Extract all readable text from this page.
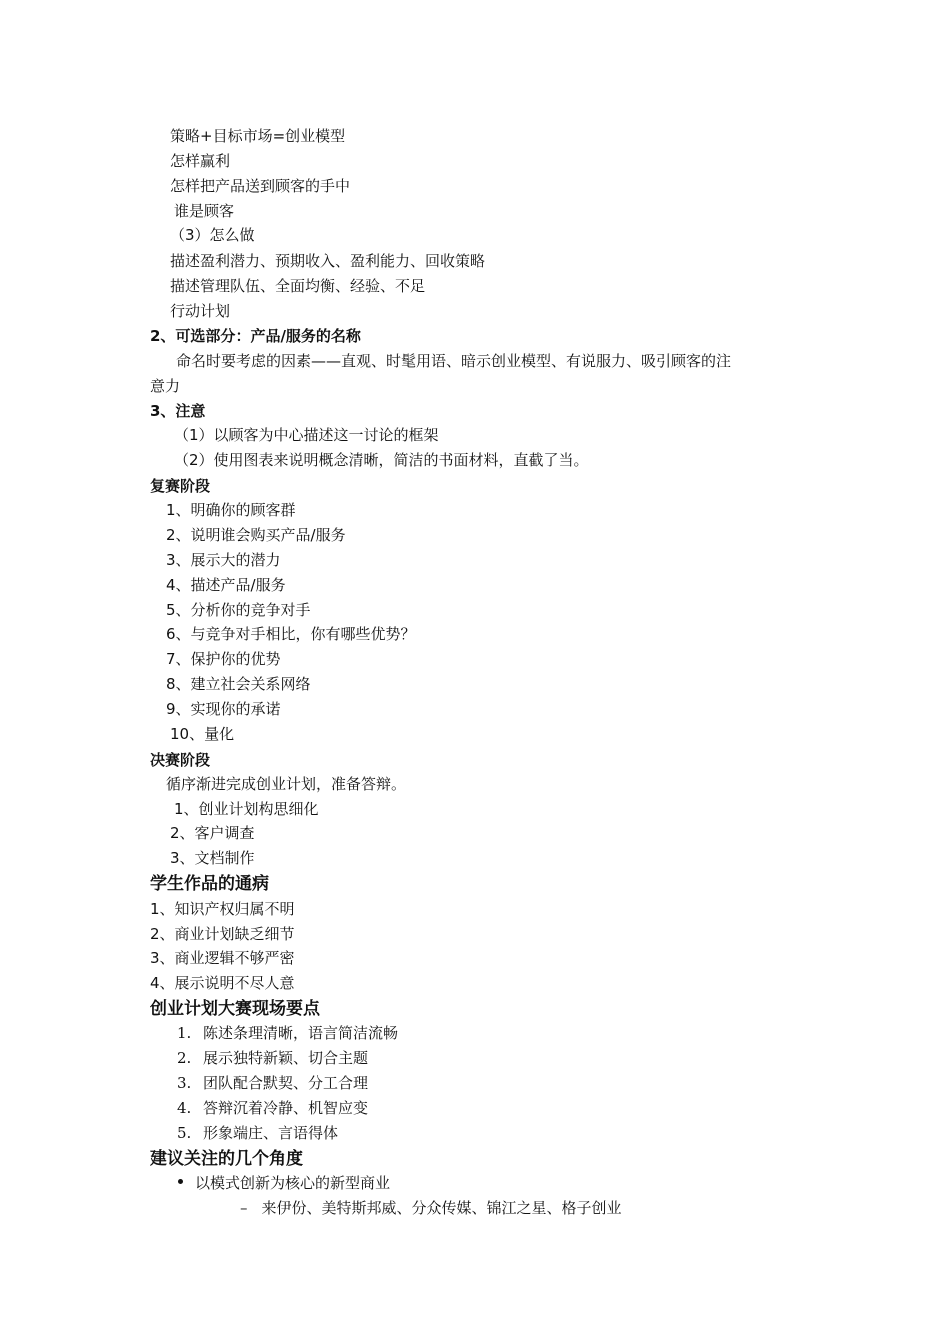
策略+目标市场=创业模型
怎样赢利
怎样把产品送到顾客的手中
谁是顾客
（3）怎么做
描述盈利潜力、预期收入、盈利能力、回收策略
描述管理队伍、全面均衡、经验、不足
行动计划
2、可选部分：产品/服务的名称
命名时要考虑的因素——直观、时髦用语、暗示创业模型、有说服力、吸引顾客的注
意力
3、注意
（1）以顾客为中心描述这一讨论的框架
（2）使用图表来说明概念清晰，简洁的书面材料，直截了当。
复赛阶段
1、明确你的顾客群
2、说明谁会购买产品/服务
3、展示大的潜力
4、描述产品/服务
5、分析你的竞争对手
6、与竞争对手相比，你有哪些优势？
7、保护你的优势
8、建立社会关系网络
9、实现你的承诺
10、量化
决赛阶段
循序渐进完成创业计划，准备答辩。
1、创业计划构思细化
2、客户调查
3、文档制作
学生作品的通病
1、知识产权归属不明
2、商业计划缺乏细节
3、商业逻辑不够严密
4、展示说明不尽人意
创业计划大赛现场要点
1. 陈述条理清晰，语言简洁流畅
2. 展示独特新颖、切合主题
3. 团队配合默契、分工合理
4. 答辩沉着冷静、机智应变
5. 形象端庄、言语得体
建议关注的几个角度
以模式创新为核心的新型商业
– 来伊份、美特斯邦威、分众传媒、锦江之星、格子创业
